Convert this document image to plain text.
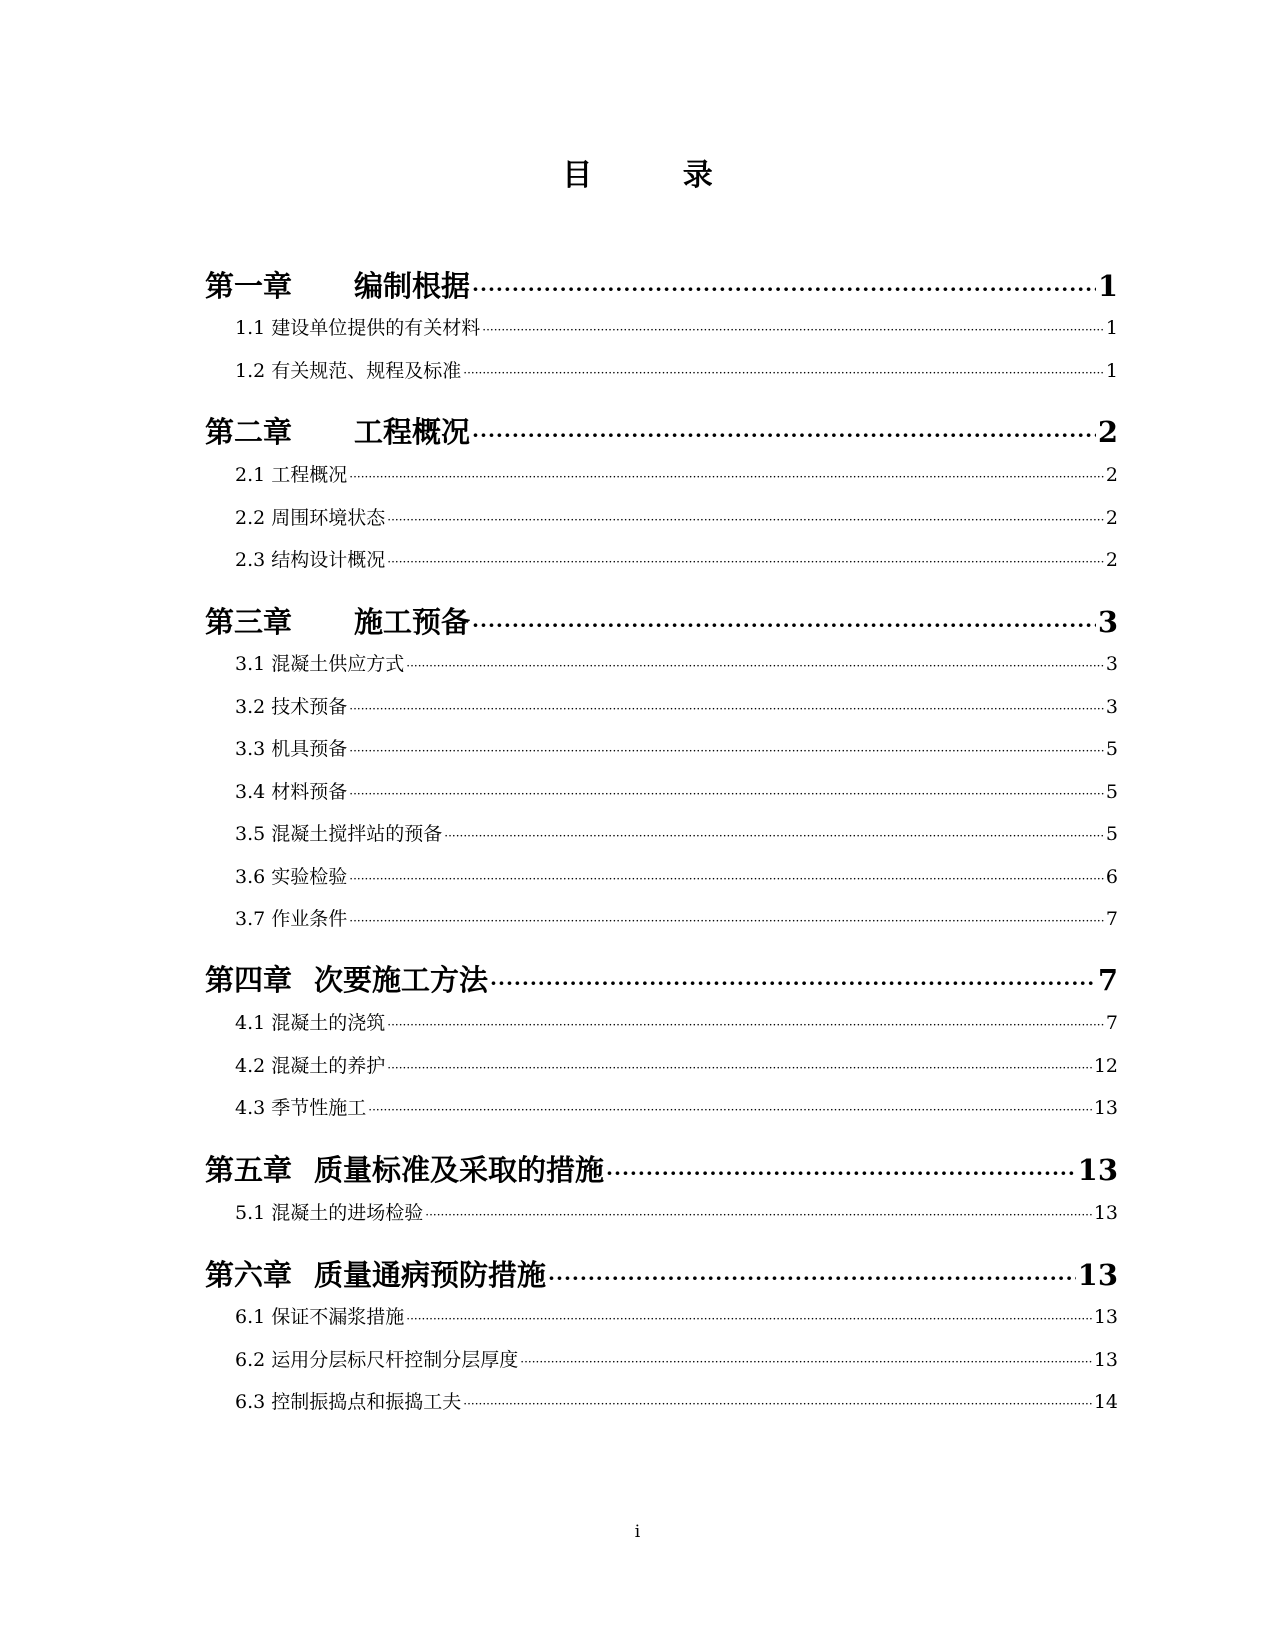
目 录
第一章 编制根据 ·····	1
1.1 建设单位提供的有关材料 ·····	1
1.2 有关规范、规程及标准 ·····	1
第二章 工程概况 ·····	2
2.1 工程概况 ·····	2
2.2 周围环境状态 ·····	2
2.3 结构设计概况 ·····	2
第三章 施工预备 ·····	3
3.1 混凝土供应方式 ·····	3
3.2 技术预备 ·····	3
3.3 机具预备 ·····	5
3.4 材料预备 ·····	5
3.5 混凝土搅拌站的预备 ·····	5
3.6 实验检验 ·····	6
3.7 作业条件 ·····	7
第四章 次要施工方法 ·····	7
4.1 混凝土的浇筑 ·····	7
4.2 混凝土的养护 ·····	12
4.3 季节性施工 ·····	13
第五章 质量标准及采取的措施 ·····	13
5.1 混凝土的进场检验 ·····	13
第六章 质量通病预防措施 ·····	13
6.1 保证不漏浆措施 ·····	13
6.2 运用分层标尺杆控制分层厚度 ·····	13
6.3 控制振捣点和振捣工夫 ·····	14
i
